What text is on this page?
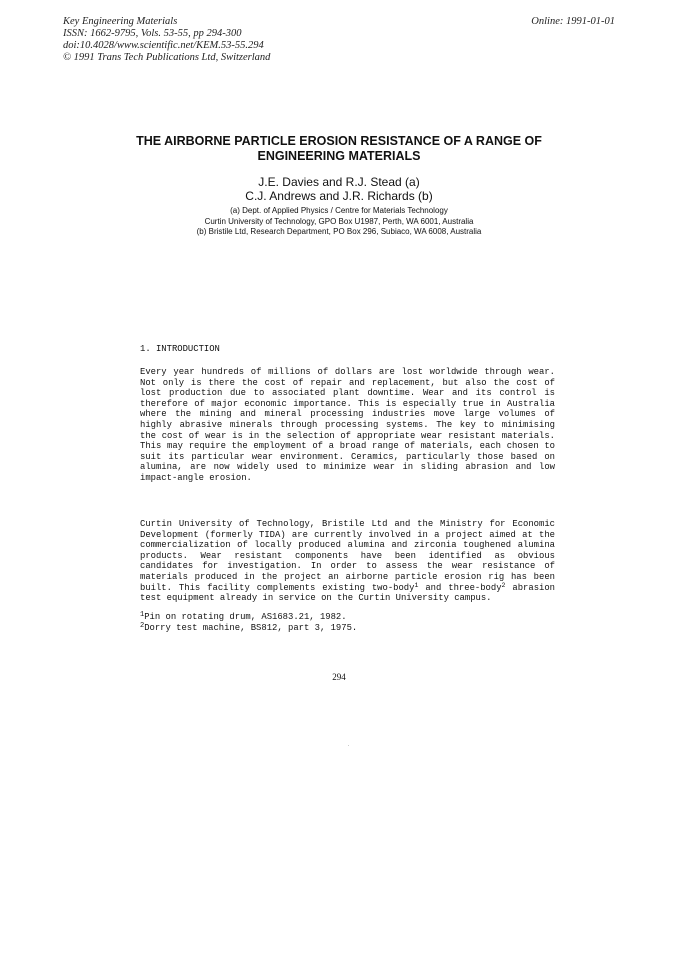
Key Engineering Materials
ISSN: 1662-9795, Vols. 53-55, pp 294-300
doi:10.4028/www.scientific.net/KEM.53-55.294
© 1991 Trans Tech Publications Ltd, Switzerland
Online: 1991-01-01
THE AIRBORNE PARTICLE EROSION RESISTANCE OF A RANGE OF
ENGINEERING MATERIALS
J.E. Davies and R.J. Stead (a)
C.J. Andrews and J.R. Richards (b)
(a) Dept. of Applied Physics / Centre for Materials Technology
Curtin University of Technology, GPO Box U1987, Perth, WA 6001, Australia
(b) Bristile Ltd, Research Department, PO Box 296, Subiaco, WA 6008, Australia
1. INTRODUCTION
Every year hundreds of millions of dollars are lost worldwide through wear. Not only is there the cost of repair and replacement, but also the cost of lost production due to associated plant downtime. Wear and its control is therefore of major economic importance. This is especially true in Australia where the mining and mineral processing industries move large volumes of highly abrasive minerals through processing systems. The key to minimising the cost of wear is in the selection of appropriate wear resistant materials. This may require the employment of a broad range of materials, each chosen to suit its particular wear environment. Ceramics, particularly those based on alumina, are now widely used to minimize wear in sliding abrasion and low impact-angle erosion.
Curtin University of Technology, Bristile Ltd and the Ministry for Economic Development (formerly TIDA) are currently involved in a project aimed at the commercialization of locally produced alumina and zirconia toughened alumina products. Wear resistant components have been identified as obvious candidates for investigation. In order to assess the wear resistance of materials produced in the project an airborne particle erosion rig has been built. This facility complements existing two-body$^1$ and three-body$^2$ abrasion test equipment already in service on the Curtin University campus.
$^1$Pin on rotating drum, AS1683.21, 1982.
$^2$Dorry test machine, BS812, part 3, 1975.
294
